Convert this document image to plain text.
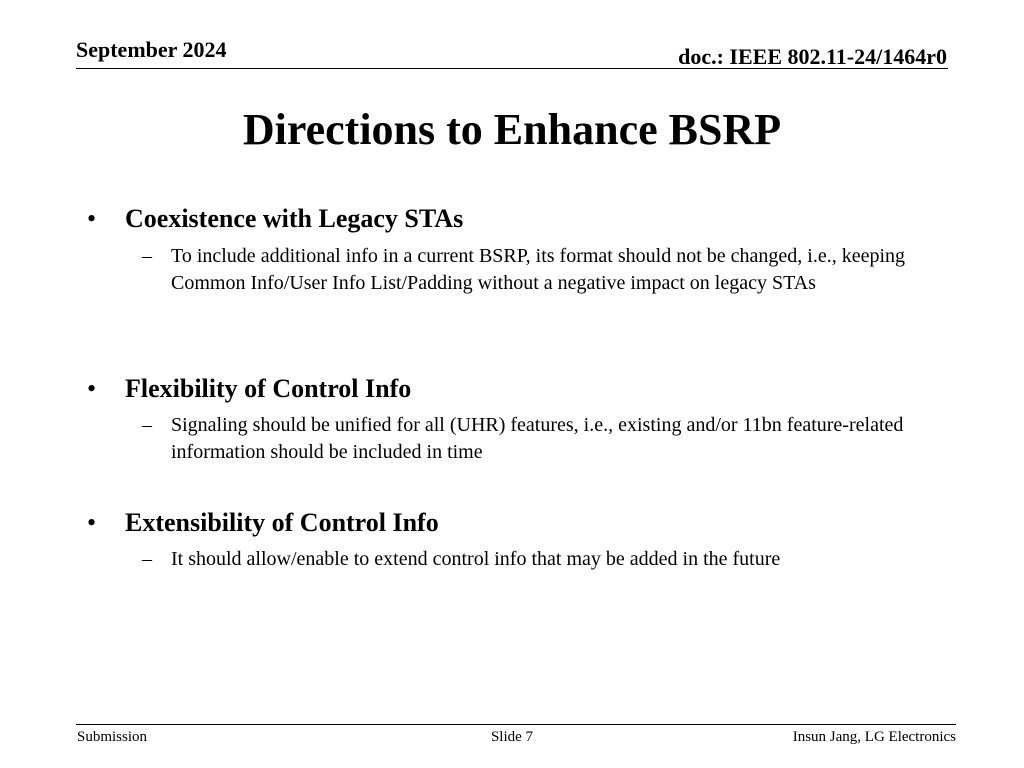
September 2024	doc.: IEEE 802.11-24/1464r0
Directions to Enhance BSRP
• Coexistence with Legacy STAs
– To include additional info in a current BSRP, its format should not be changed, i.e., keeping Common Info/User Info List/Padding without a negative impact on legacy STAs
• Flexibility of Control Info
– Signaling should be unified for all (UHR) features, i.e., existing and/or 11bn feature-related information should be included in time
• Extensibility of Control Info
– It should allow/enable to extend control info that may be added in the future
Submission	Slide 7	Insun Jang, LG Electronics
